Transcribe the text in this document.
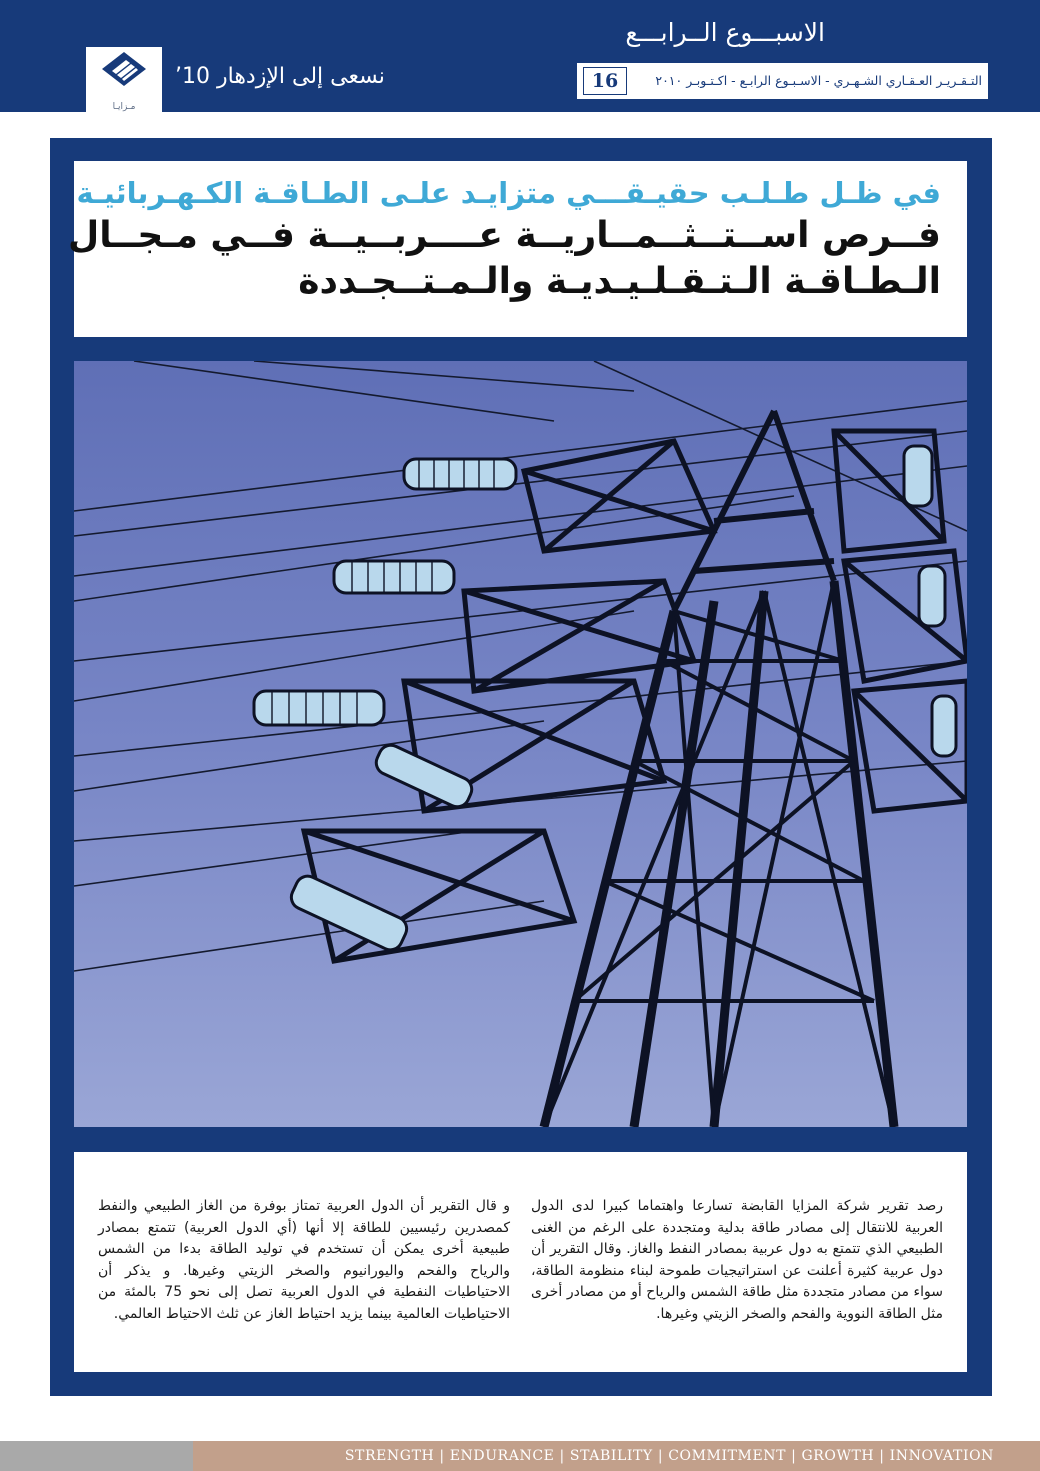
الاسبـــوع الــرابـــع
16	التـقـريـر العـقـاري الشـهـري - الاسـبـوع الرابـع - اكـتـوبـر ٢٠١٠
مـزايـا
نسعى إلى الإزدهار 10’
في ظـل طـلـب حقيـقـــي متزايـد علـى الطـاقـة الكـهـربائيـة
فــرص اســتــثــمــاريــة عــــربــيــة فــي مـجــال
الـطـاقـة الـتـقـلـيـديـة والـمـتــجـددة

رصد تقرير شركة المزايا القابضة تسارعا واهتماما كبيرا لدى الدول العربية للانتقال إلى مصادر طاقة بدلية ومتجددة على الرغم من الغنى الطبيعي الذي تتمتع به دول عربية بمصادر النفط والغاز. وقال التقرير أن دول عربية كثيرة أعلنت عن استراتيجيات طموحة لبناء منظومة الطاقة، سواء من مصادر متجددة مثل طاقة الشمس والرياح أو من مصادر أخرى مثل الطاقة النووية والفحم والصخر الزيتي وغيرها.

و قال التقرير أن الدول العربية تمتاز بوفرة من الغاز الطبيعي والنفط كمصدرين رئيسيين للطاقة إلا أنها (أي الدول العربية) تتمتع بمصادر طبيعية أخرى يمكن أن تستخدم في توليد الطاقة بدءا من الشمس والرياح والفحم واليورانيوم والصخر الزيتي وغيرها. و يذكر أن الاحتياطيات النفطية في الدول العربية تصل إلى نحو 75 بالمئة من الاحتياطيات العالمية بينما يزيد احتياط الغاز عن ثلث الاحتياط العالمي.

STRENGTH | ENDURANCE | STABILITY | COMMITMENT | GROWTH | INNOVATION
